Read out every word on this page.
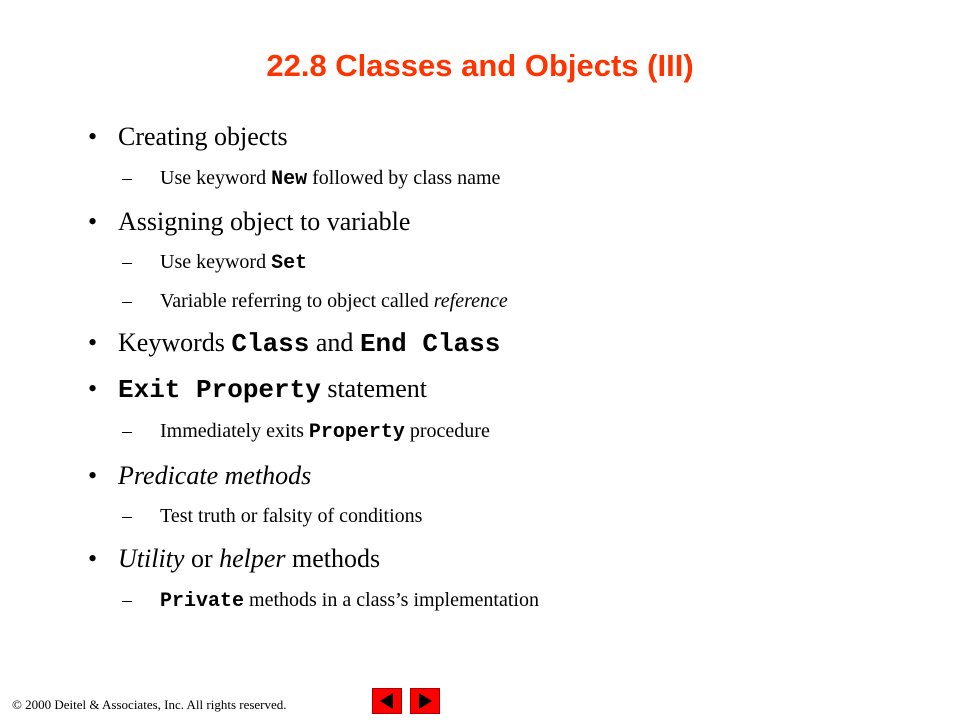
22.8 Classes and Objects (III)
• Creating objects
– Use keyword New followed by class name
• Assigning object to variable
– Use keyword Set
– Variable referring to object called reference
• Keywords Class and End Class
• Exit Property statement
– Immediately exits Property procedure
• Predicate methods
– Test truth or falsity of conditions
• Utility or helper methods
– Private methods in a class’s implementation
© 2000 Deitel & Associates, Inc. All rights reserved.
